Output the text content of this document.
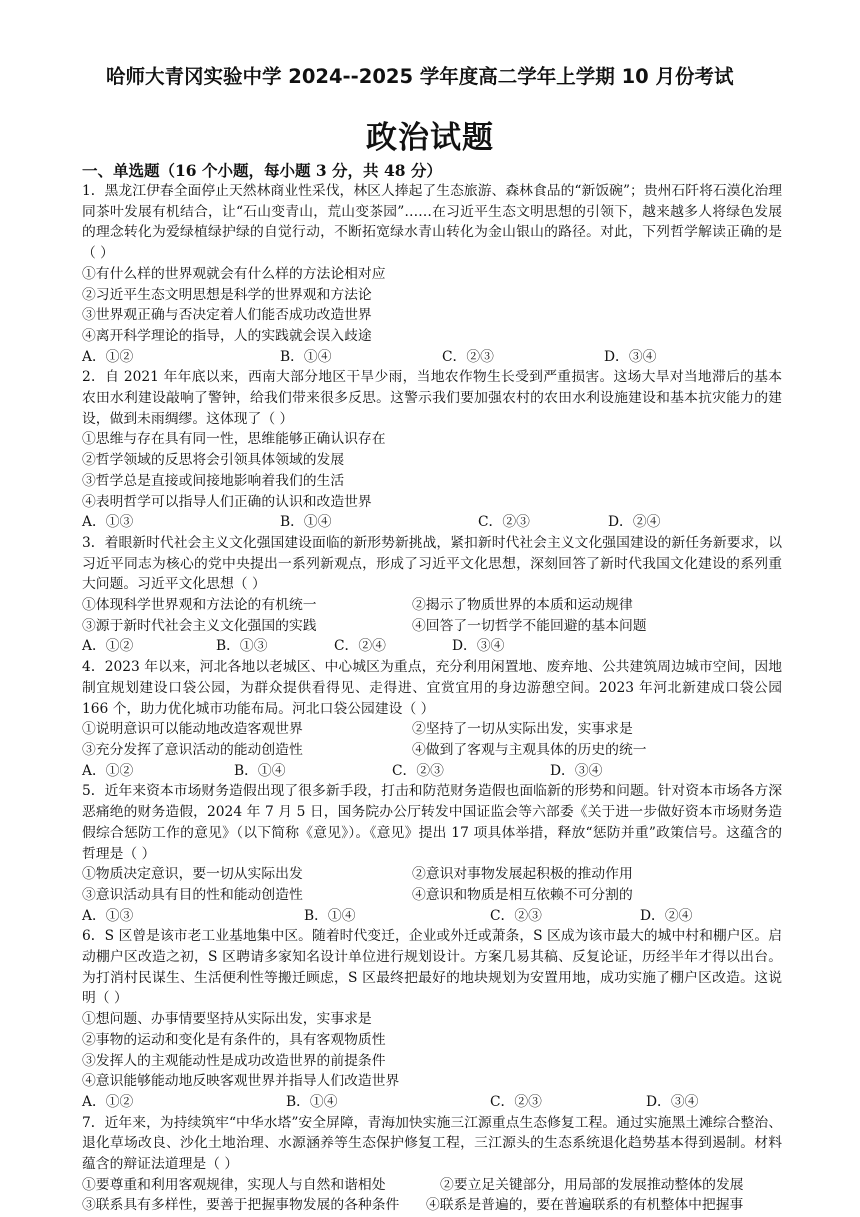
哈师大青冈实验中学 2024--2025 学年度高二学年上学期 10 月份考试
政治试题
一、单选题（16 个小题，每小题 3 分，共 48 分）

1．黑龙江伊春全面停止天然林商业性采伐，林区人捧起了生态旅游、森林食品的“新饭碗”；贵州石阡将石漠化治理同茶叶发展有机结合，让“石山变青山，荒山变茶园”……在习近平生态文明思想的引领下，越来越多人将绿色发展的理念转化为爱绿植绿护绿的自觉行动，不断拓宽绿水青山转化为金山银山的路径。对此，下列哲学解读正确的是（ ）

①有什么样的世界观就会有什么样的方法论相对应

②习近平生态文明思想是科学的世界观和方法论

③世界观正确与否决定着人们能否成功改造世界

④离开科学理论的指导，人的实践就会误入歧途

A．①②	B．①④	C．②③	D．③④

2．自 2021 年年底以来，西南大部分地区干旱少雨，当地农作物生长受到严重损害。这场大旱对当地滞后的基本农田水利建设敲响了警钟，给我们带来很多反思。这警示我们要加强农村的农田水利设施建设和基本抗灾能力的建设，做到未雨绸缪。这体现了（ ）

①思维与存在具有同一性，思维能够正确认识存在

②哲学领域的反思将会引领具体领域的发展

③哲学总是直接或间接地影响着我们的生活

④表明哲学可以指导人们正确的认识和改造世界

A．①③	B．①④	C．②③	D．②④

3．着眼新时代社会主义文化强国建设面临的新形势新挑战，紧扣新时代社会主义文化强国建设的新任务新要求，以习近平同志为核心的党中央提出一系列新观点，形成了习近平文化思想，深刻回答了新时代我国文化建设的系列重大问题。习近平文化思想（ ）

①体现科学世界观和方法论的有机统一	②揭示了物质世界的本质和运动规律
③源于新时代社会主义文化强国的实践	④回答了一切哲学不能回避的基本问题
A．①②	B．①③	C．②④	D．③④

4．2023 年以来，河北各地以老城区、中心城区为重点，充分利用闲置地、废弃地、公共建筑周边城市空间，因地制宜规划建设口袋公园，为群众提供看得见、走得进、宜赏宜用的身边游憩空间。2023 年河北新建成口袋公园 166 个，助力优化城市功能布局。河北口袋公园建设（ ）

①说明意识可以能动地改造客观世界	②坚持了一切从实际出发，实事求是
③充分发挥了意识活动的能动创造性	④做到了客观与主观具体的历史的统一
A．①②	B．①④	C．②③	D．③④

5．近年来资本市场财务造假出现了很多新手段，打击和防范财务造假也面临新的形势和问题。针对资本市场各方深恶痛绝的财务造假，2024 年 7 月 5 日，国务院办公厅转发中国证监会等六部委《关于进一步做好资本市场财务造假综合惩防工作的意见》（以下简称《意见》）。《意见》提出 17 项具体举措，释放“惩防并重”政策信号。这蕴含的哲理是（ ）

①物质决定意识，要一切从实际出发	②意识对事物发展起积极的推动作用
③意识活动具有目的性和能动创造性	④意识和物质是相互依赖不可分割的
A．①③	B．①④	C．②③	D．②④

6．S 区曾是该市老工业基地集中区。随着时代变迁，企业或外迁或萧条，S 区成为该市最大的城中村和棚户区。启动棚户区改造之初，S 区聘请多家知名设计单位进行规划设计。方案几易其稿、反复论证，历经半年才得以出台。为打消村民谋生、生活便利性等搬迁顾虑，S 区最终把最好的地块规划为安置用地，成功实施了棚户区改造。这说明（ ）

①想问题、办事情要坚持从实际出发，实事求是

②事物的运动和变化是有条件的，具有客观物质性

③发挥人的主观能动性是成功改造世界的前提条件

④意识能够能动地反映客观世界并指导人们改造世界

A．①②	B．①④	C．②③	D．③④

7．近年来，为持续筑牢“中华水塔”安全屏障，青海加快实施三江源重点生态修复工程。通过实施黑土滩综合整治、退化草场改良、沙化土地治理、水源涵养等生态保护修复工程，三江源头的生态系统退化趋势基本得到遏制。材料蕴含的辩证法道理是（ ）

①要尊重和利用客观规律，实现人与自然和谐相处	②要立足关键部分，用局部的发展推动整体的发展
③联系具有多样性，要善于把握事物发展的各种条件	④联系是普遍的，要在普遍联系的有机整体中把握事
